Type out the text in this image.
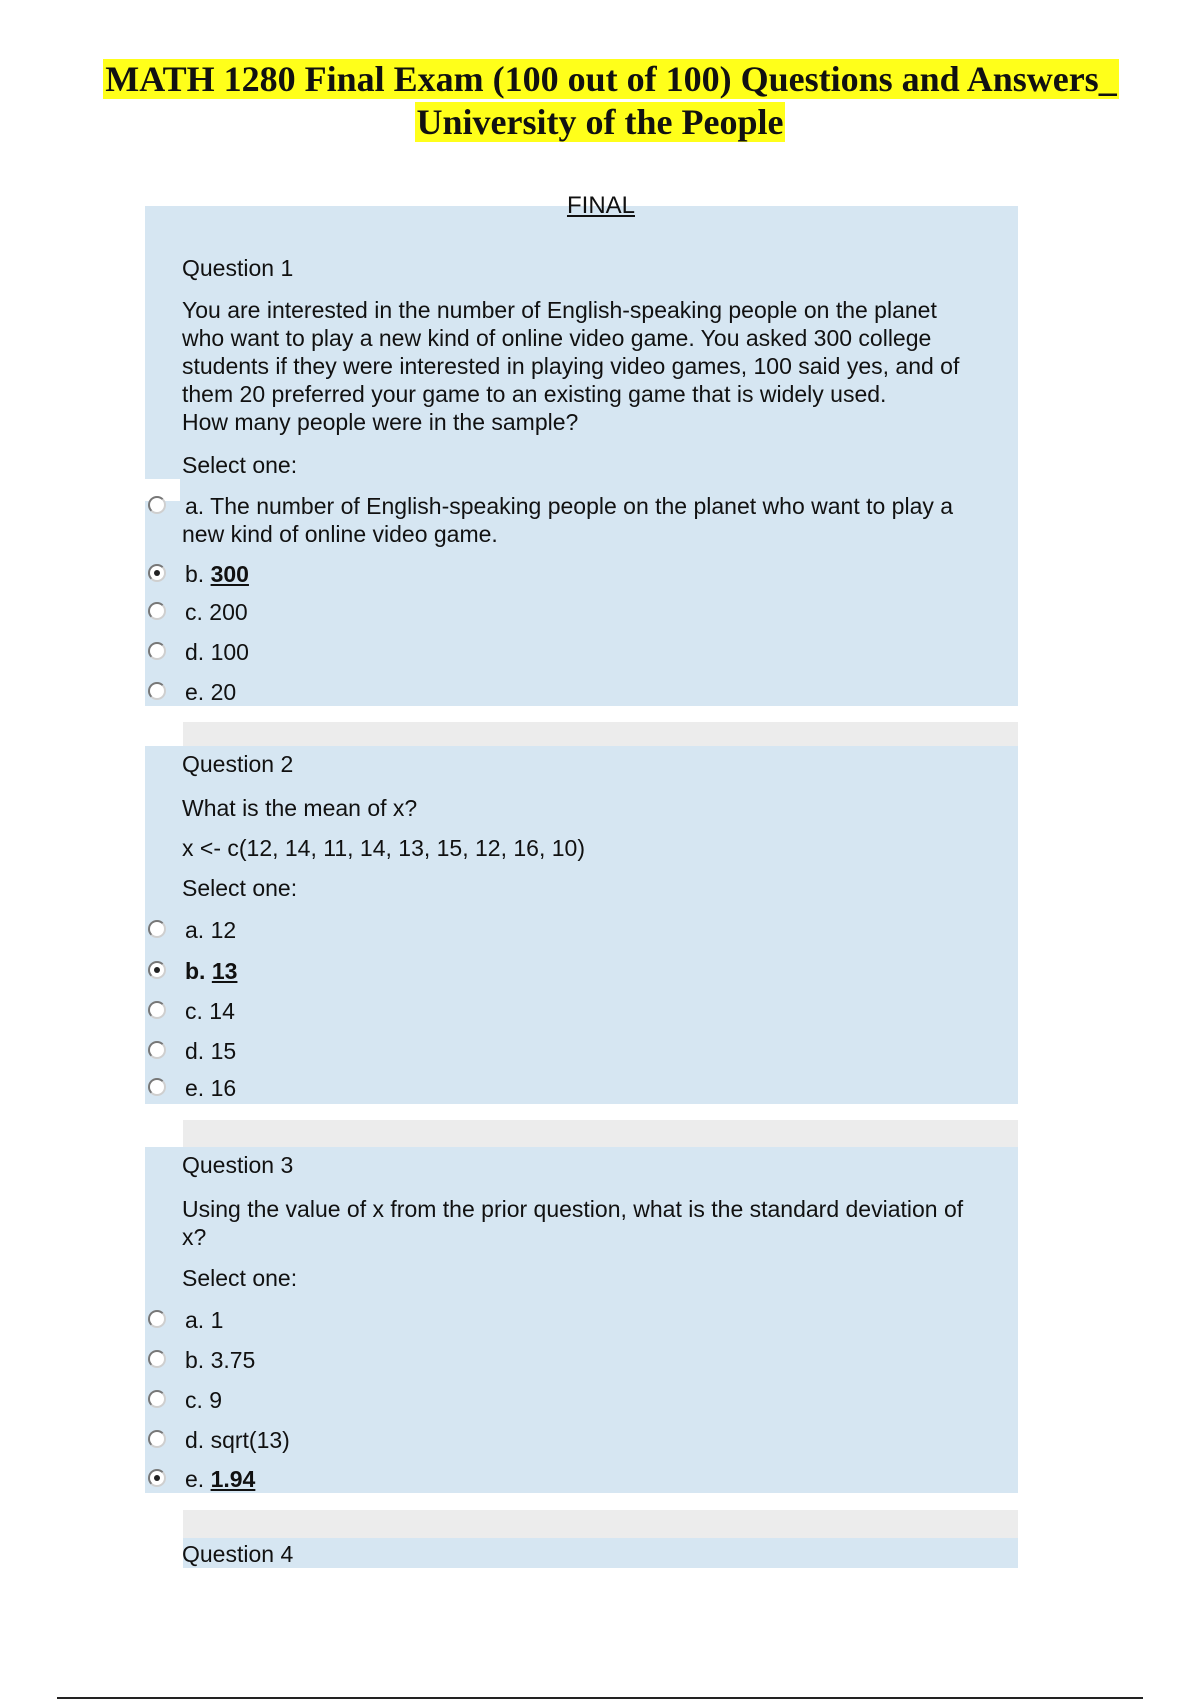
MATH 1280 Final Exam (100 out of 100) Questions and Answers_
University of the People
FINAL
Question 1
You are interested in the number of English-speaking people on the planet
who want to play a new kind of online video game. You asked 300 college
students if they were interested in playing video games, 100 said yes, and of
them 20 preferred your game to an existing game that is widely used.
How many people were in the sample?
Select one:
a. The number of English-speaking people on the planet who want to play a
new kind of online video game.
b. 300
c. 200
d. 100
e. 20
Question 2
What is the mean of x?
x <- c(12, 14, 11, 14, 13, 15, 12, 16, 10)
Select one:
a. 12
b. 13
c. 14
d. 15
e. 16
Question 3
Using the value of x from the prior question, what is the standard deviation of
x?
Select one:
a. 1
b. 3.75
c. 9
d. sqrt(13)
e. 1.94
Question 4
